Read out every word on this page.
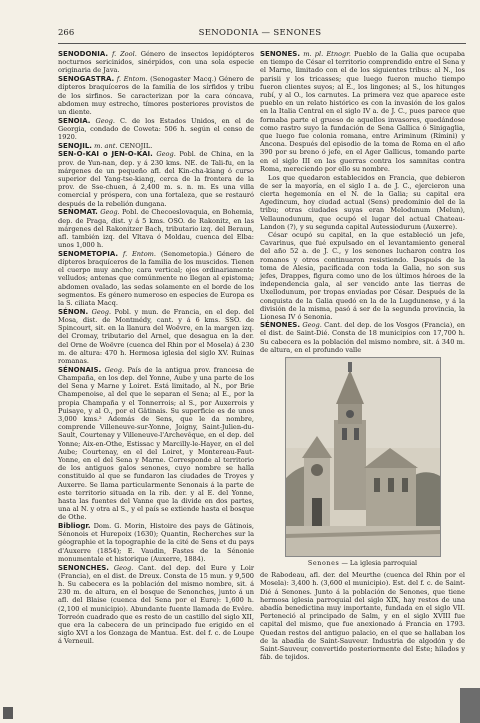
266	SENODONIA — SENONES
SENODONIA. f. Zool. Género de insectos lepidópteros nocturnos sericinidos, sinérpidos, con una sola especie originaria de Java.
SENOGASTRA. f. Entom. (Senogaster Macq.) Género de dípteros braquíceros de la familia de los sírfidos y tribu de los sirfinos. Se caracterizan por la cara cóncava, abdomen muy estrecho, tímores posteriores provistos de un diente.
SENOIA. Geog. C. de los Estados Unidos, en el de Georgia, condado de Coweta: 506 h. según el censo de 1920.
SENOJIL. m. ant. CENOJIL.
SEN-O-KAI o JEN-O-KAI. Geog. Pobl. de China, en la prov. de Yun-nan, dep. y á 230 kms. NE. de Tali-fu, en la márgenes de un pequeño afl. del Kin-cha-kiang ó curso superior del Yang-tse-kiang, cerca de la frontera de la prov. de Sse-chuen, á 2,400 m. s. n. m. Es una villa comercial y próspera, con una fortaleza, que se restauró después de la rebelión dungana.
SENOMAT. Geog. Pobl. de Checoeslovaquia, en Bohemia, dep. de Praga, dist. y á 5 kms. OSO. de Rakonitz, en las márgenes del Rakonitzer Bach, tributario izq. del Beraun, afl. también izq. del Vltava ó Moldau, cuenca del Elba: unos 1,000 h.
SENOMETOPIA. f. Entom. (Senometopia.) Género de dípteros braquíceros de la familia de los muscidos. Tienen el cuerpo muy ancho; cara vertical; ojos ordinariamente velludos; antenas que comúnmente no llegan al epistoma; abdomen ovalado, las sedas solamente en el borde de los segmentos. Es género numeroso en especies de Europa es la S. ciliata Macq.
SÉNON. Geog. Pobl. y mun. de Francia, en el dep. del Mosa, dist. de Montmédy, cant. y á 6 kms. SSO. de Spincourt, sit. en la llanura del Woëvre, en la margen izq. del Cromay, tributario del Arnel, que desagua en la der. del Orne de Woëvre (cuenca del Rhin por el Mosela) á 230 m. de altura: 470 h. Hermosa iglesia del siglo XV. Ruinas romanas.
SÉNONAIS. Geog. País de la antigua prov. francesa de Champaña, en los dep. del Yonne, Aube y una parte de los del Sena y Marne y Loiret. Está limitado, al N., por Brie Champenoise, al del que le separan el Sena; al E., por la propia Champaña y el Tonnerrois; al S., por Auxerrois y Puisaye, y al O., por el Gâtinais. Su superficie es de unos 3,000 kms.² Además de Sens, que le da nombre, comprende Villeneuve-sur-Yonne, Joigny, Saint-Julien-du-Sault, Courtenay y Villeneuve-l'Archevêque, en el dep. del Yonne; Aix-en-Othe, Estissac y Marcilly-le-Hayer, en el del Aube; Courtenay, en el del Loiret, y Montereau-Faut-Yonne, en el del Sena y Marne. Corresponde al territorio de los antiguos galos senones, cuyo nombre se halla constituido al que se fundaron las ciudades de Troyes y Auxerre. Se llama particularmente Senonais á la parte de este territorio situada en la rib. der. y al E. del Yonne, hasta las fuentes del Vanne que la divide en dos partes, una al N. y otra al S., y el país se extiende hasta el bosque de Othe.
Bibliogr. Dom. G. Morin, Histoire des pays de Gâtinois, Sénonois et Hurepoix (1630); Quantin, Recherches sur la géographie et la topographie de la cité de Sens et du pays d'Auxerre (1854); E. Vaudin, Fastes de la Sénonie monumentale et historique (Auxerre, 1884).
SENONCHES. Geog. Cant. del dep. del Eure y Loir (Francia), en el dist. de Dreux. Consta de 15 mun. y 9,500 h. Su cabecera es la población del mismo nombre, sit. á 230 m. de altura, en el bosque de Senonches, junto á un afl. del Blaise (cuenca del Sena por el Eure): 1,600 h. (2,100 el municipio). Abundante fuente llamada de Evêre. Torreón cuadrado que es resto de un castillo del siglo XII, que era la cabecera de un principado fue erigido en el siglo XVI a los Gonzaga de Mantua. Est. del f. c. de Loupe á Verneuil.
SENONES. m. pl. Etnogr. Pueblo de la Galia que ocupaba en tiempo de César el territorio comprendido entre el Sena y el Marne, limitado con el de los siguientes tribus: al N., los parisii y los tricasses; que luego fueron mucho tiempo fueron clientes suyos; al E., los lingones; al S., los hitunges rubí, y al O., los carnutes. La primera vez que aparece este pueblo en un relato histórico es con la invasión de los galos en la Italia Central en el siglo IV a. de J. C., pues parece que formaba parte el grueso de aquellos invasores, quedándose como rastro suyo la fundación de Sena Gallica ó Sinigaglia, que luego fue colonia romana, entre Ariminum (Rímini) y Ancona. Después del episodio de la toma de Roma en el año 390 por su breno ó jefe, en el Ager Gallicus, tomando parte en el siglo III en las guerras contra los samnitas contra Roma, mereciendo por ello su nombre.

Los que quedaron establecidos en Francia, que debieron de ser la mayoría, en el siglo I a. de J. C., ejercieron una cierta hegemonía en el N. de la Galia; su capital era Agedincum, hoy ciudad actual (Sens) predominio del de la tribu; otras ciudades suyas eran Melodunum (Melun), Vellaunodunum, que ocupó el lugar del actual Chateau-Landon (?), y su segunda capital Autessiodurum (Auxerre).

César ocupó su capital, en la que estableció un jefe, Cavarinus, que fué expulsado en el levantamiento general del año 52 a. de J. C., y los senones lucharon contra los romanos y otros continuaron resistiendo. Después de la toma de Alesia, pacificada con toda la Galia, no son sus jefes, Drappes, figura como uno de los últimos héroes de la independencia gala, al ser vencido ante las tierras de Uxellodunum, por tropas enviadas por César. Después de la conquista de la Galia quedó en la de la Lugdunense, y á la división de la misma, pasó á ser de la segunda provincia, la Lionesa IV ó Senonia.

SÉNONES. Geog. Cant. del dep. de los Vosgos (Francia), en el dist. de Saint-Dié. Consta de 18 municipios con 17,700 h. Su cabecera es la población del mismo nombre, sit. á 340 m. de altura, en el profundo valle
Senones — La iglesia parroquial
de Rabodeau, afl. der. del Meurthe (cuenca del Rhin por el Mosela): 3,400 h. (3,600 el municipio). Est. del f. c. de Saint-Dié á Senones. Junto á la población de Senones, que tiene hermosa iglesia parroquial del siglo XIX, hay restos de una abadía benedictina muy importante, fundada en el siglo VII. Perteneció al principado de Salm, y en el siglo XVIII fue capital del mismo, que fue anexionado á Francia en 1793. Quedan restos del antiguo palacio, en el que se hallaban los de la abadía de Saint-Sauveur. Industria de algodón y de Saint-Sauveur, convertido posteriormente del Este; hilados y fáb. de tejidos.
